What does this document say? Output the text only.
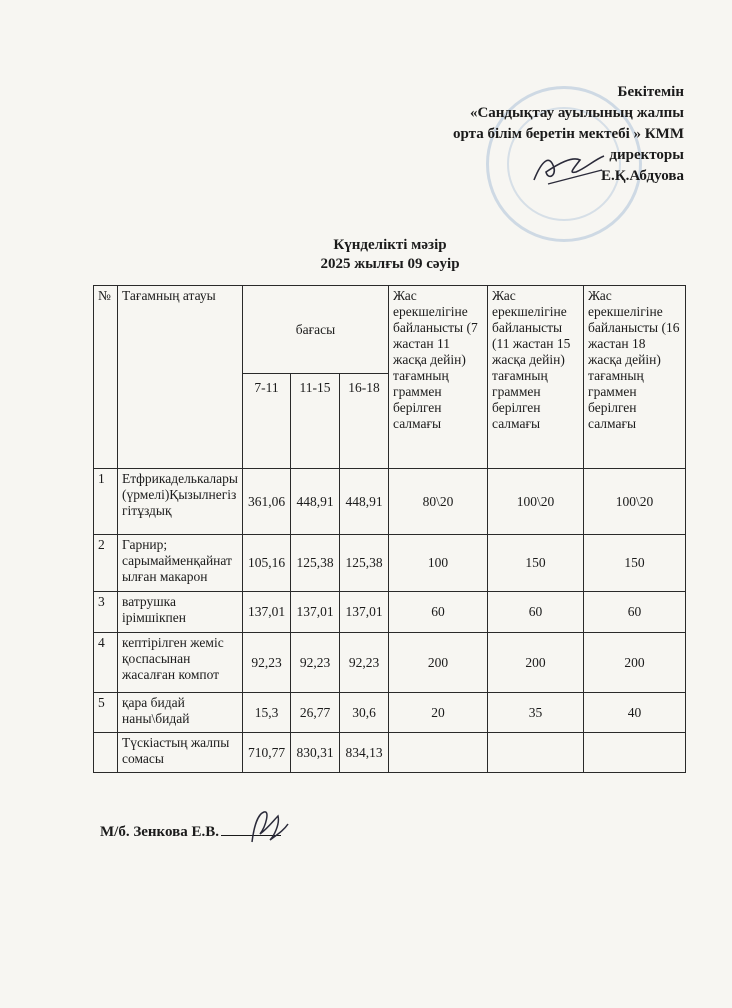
Бекітемін
«Сандықтау ауылының жалпы
орта білім беретін мектебі » КММ
директоры
Е.Қ.Абдуова
Күнделікті мәзір
2025 жылғы 09 сәуір
№	Тағамның атауы	бағасы			Жас ерекшелігіне байланысты (7 жастан 11 жасқа дейін) тағамның граммен берілген салмағы	Жас ерекшелігіне байланысты (11 жастан 15 жасқа дейін) тағамның граммен берілген салмағы	Жас ерекшелігіне байланысты (16 жастан 18 жасқа дейін) тағамның граммен берілген салмағы
		7-11	11-15	16-18			
1	Етфрикаделькалары (үрмелі)Қызылнегізгітұздық	361,06	448,91	448,91	80\20	100\20	100\20
2	Гарнир; сарымайменқайнатылған макарон	105,16	125,38	125,38	100	150	150
3	ватрушка ірімшікпен	137,01	137,01	137,01	60	60	60
4	кептірілген жеміс қоспасынан жасалған компот	92,23	92,23	92,23	200	200	200
5	қара бидай наны\бидай	15,3	26,77	30,6	20	35	40
	Түскіастың жалпы сомасы	710,77	830,31	834,13			
М/б. Зенкова Е.В.
